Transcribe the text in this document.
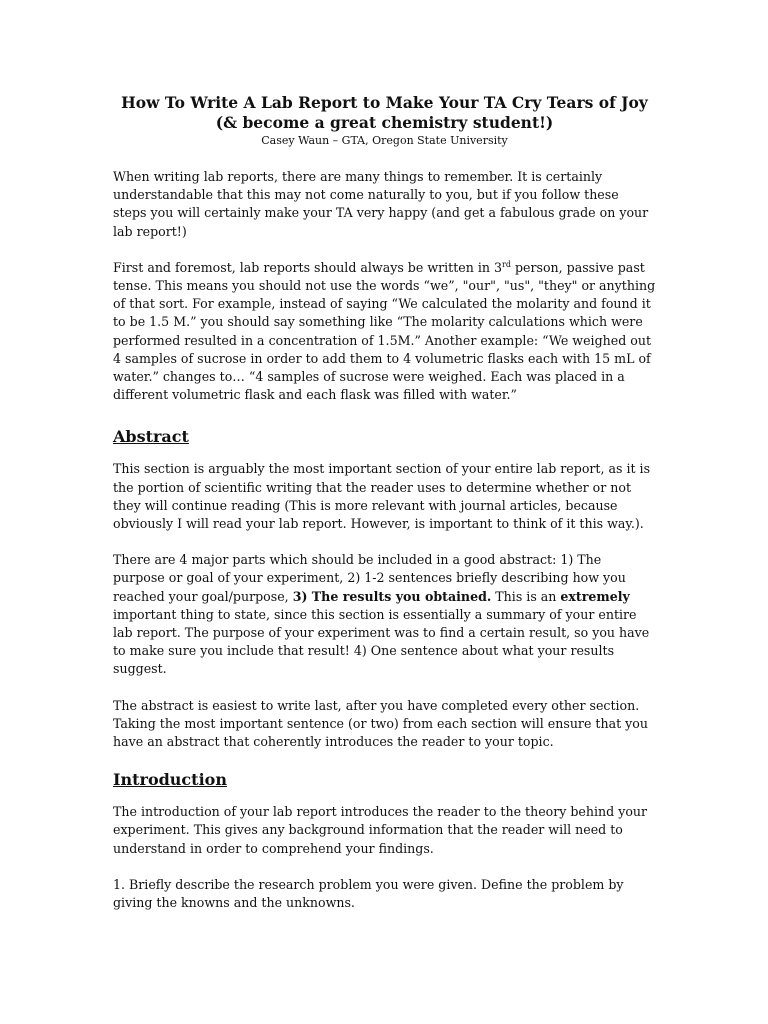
How To Write A Lab Report to Make Your TA Cry Tears of Joy
(& become a great chemistry student!)
Casey Waun – GTA, Oregon State University

When writing lab reports, there are many things to remember. It is certainly understandable that this may not come naturally to you, but if you follow these steps you will certainly make your TA very happy (and get a fabulous grade on your lab report!)

First and foremost, lab reports should always be written in 3rd person, passive past tense. This means you should not use the words “we”, "our", "us", "they" or anything of that sort. For example, instead of saying “We calculated the molarity and found it to be 1.5 M.” you should say something like “The molarity calculations which were performed resulted in a concentration of 1.5M.” Another example: “We weighed out 4 samples of sucrose in order to add them to 4 volumetric flasks each with 15 mL of water.” changes to… “4 samples of sucrose were weighed. Each was placed in a different volumetric flask and each flask was filled with water.”

Abstract

This section is arguably the most important section of your entire lab report, as it is the portion of scientific writing that the reader uses to determine whether or not they will continue reading (This is more relevant with journal articles, because obviously I will read your lab report. However, is important to think of it this way.).

There are 4 major parts which should be included in a good abstract: 1) The purpose or goal of your experiment, 2) 1-2 sentences briefly describing how you reached your goal/purpose, 3) The results you obtained. This is an extremely important thing to state, since this section is essentially a summary of your entire lab report. The purpose of your experiment was to find a certain result, so you have to make sure you include that result! 4) One sentence about what your results suggest.

The abstract is easiest to write last, after you have completed every other section. Taking the most important sentence (or two) from each section will ensure that you have an abstract that coherently introduces the reader to your topic.

Introduction

The introduction of your lab report introduces the reader to the theory behind your experiment. This gives any background information that the reader will need to understand in order to comprehend your findings.

1. Briefly describe the research problem you were given. Define the problem by giving the knowns and the unknowns.
